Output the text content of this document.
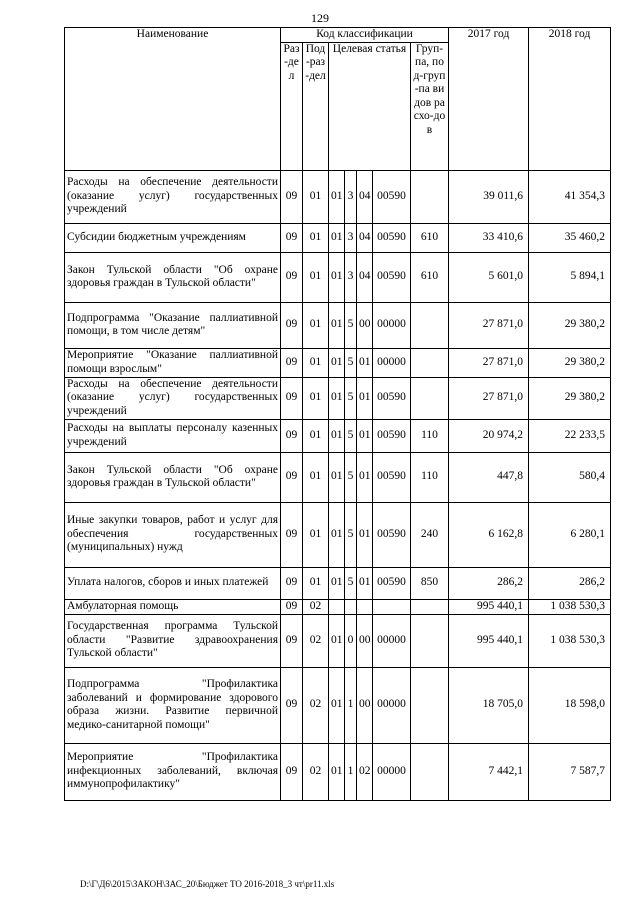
129
Наименование	Код классификации							2017 год	2018 год
	Раз-дел	Под-раз-дел	Целевая статья				Груп-па, под-груп-па видов расхо-дов		
Расходы на обеспечение деятельности (оказание услуг) государственных учреждений	09	01	01	3	04	00590		39 011,6	41 354,3
Субсидии бюджетным учреждениям	09	01	01	3	04	00590	610	33 410,6	35 460,2
Закон Тульской области "Об охране здоровья граждан в Тульской области"	09	01	01	3	04	00590	610	5 601,0	5 894,1
Подпрограмма "Оказание паллиативной помощи, в том числе детям"	09	01	01	5	00	00000		27 871,0	29 380,2
Мероприятие "Оказание паллиативной помощи взрослым"	09	01	01	5	01	00000		27 871,0	29 380,2
Расходы на обеспечение деятельности (оказание услуг) государственных учреждений	09	01	01	5	01	00590		27 871,0	29 380,2
Расходы на выплаты персоналу казенных учреждений	09	01	01	5	01	00590	110	20 974,2	22 233,5
Закон Тульской области "Об охране здоровья граждан в Тульской области"	09	01	01	5	01	00590	110	447,8	580,4
Иные закупки товаров, работ и услуг для обеспечения государственных (муниципальных) нужд	09	01	01	5	01	00590	240	6 162,8	6 280,1
Уплата налогов, сборов и иных платежей	09	01	01	5	01	00590	850	286,2	286,2
Амбулаторная помощь	09	02						995 440,1	1 038 530,3
Государственная программа Тульской области "Развитие здравоохранения Тульской области"	09	02	01	0	00	00000		995 440,1	1 038 530,3
Подпрограмма "Профилактика заболеваний и формирование здорового образа жизни. Развитие первичной медико-санитарной помощи"	09	02	01	1	00	00000		18 705,0	18 598,0
Мероприятие "Профилактика инфекционных заболеваний, включая иммунопрофилактику"	09	02	01	1	02	00000		7 442,1	7 587,7
D:\Г\Д6\2015\ЗАКОН\ЗАС_20\Бюджет ТО 2016-2018_3 чт\pr11.xls
